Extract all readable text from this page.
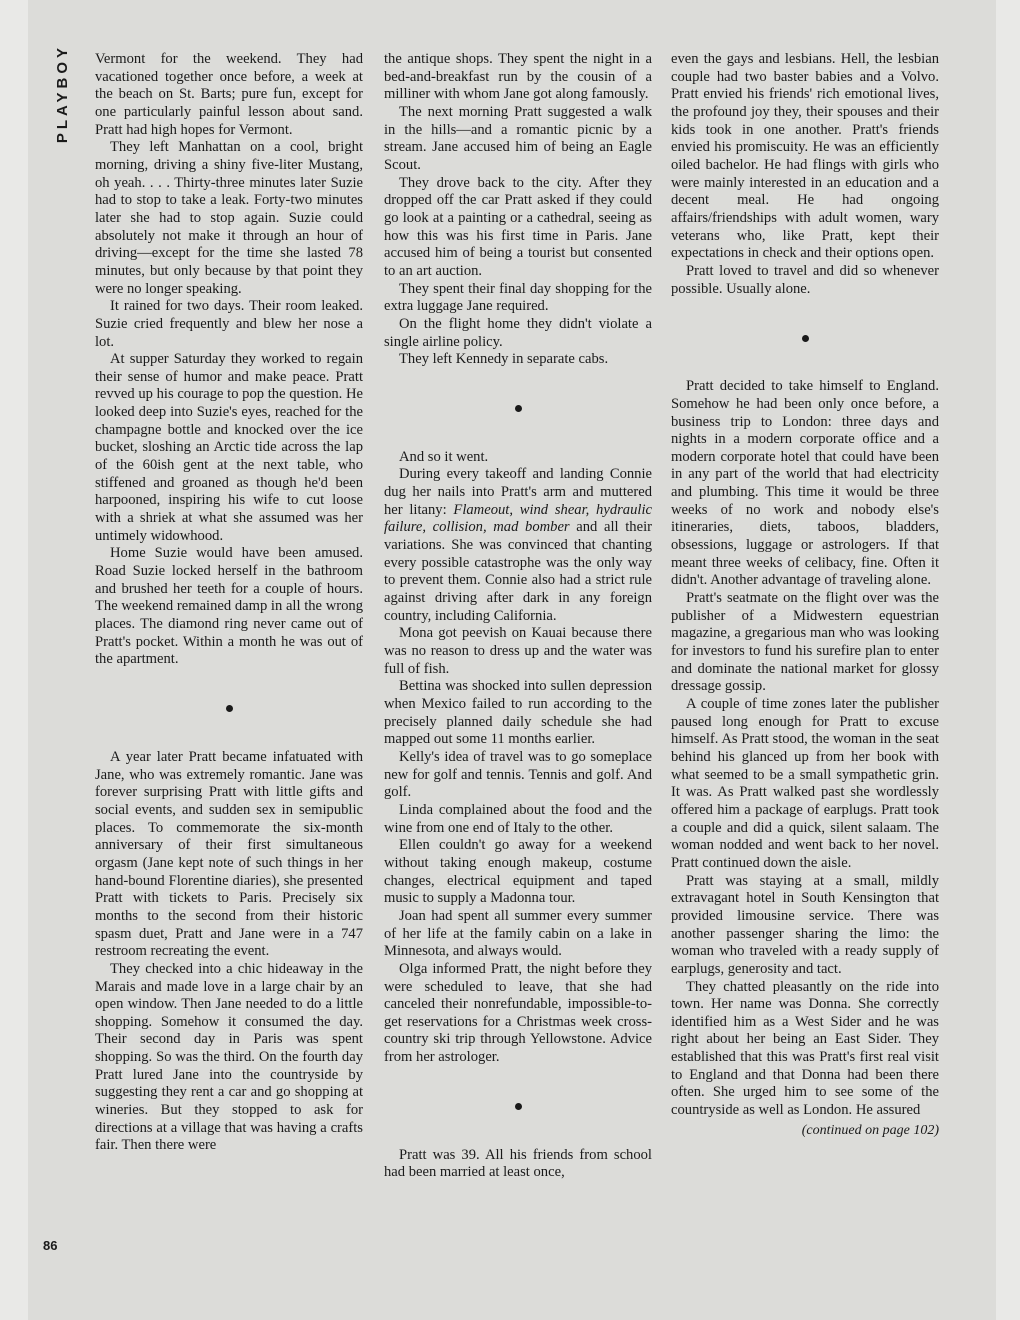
PLAYBOY
86

Vermont for the weekend. They had vacationed together once before, a week at the beach on St. Barts; pure fun, except for one particularly painful lesson about sand. Pratt had high hopes for Vermont.

They left Manhattan on a cool, bright morning, driving a shiny five-liter Mustang, oh yeah. . . . Thirty-three minutes later Suzie had to stop to take a leak. Forty-two minutes later she had to stop again. Suzie could absolutely not make it through an hour of driving—except for the time she lasted 78 minutes, but only because by that point they were no longer speaking.

It rained for two days. Their room leaked. Suzie cried frequently and blew her nose a lot.

At supper Saturday they worked to regain their sense of humor and make peace. Pratt revved up his courage to pop the question. He looked deep into Suzie's eyes, reached for the champagne bottle and knocked over the ice bucket, sloshing an Arctic tide across the lap of the 60ish gent at the next table, who stiffened and groaned as though he'd been harpooned, inspiring his wife to cut loose with a shriek at what she assumed was her untimely widowhood.

Home Suzie would have been amused. Road Suzie locked herself in the bathroom and brushed her teeth for a couple of hours. The weekend remained damp in all the wrong places. The diamond ring never came out of Pratt's pocket. Within a month he was out of the apartment.

A year later Pratt became infatuated with Jane, who was extremely romantic. Jane was forever surprising Pratt with little gifts and social events, and sudden sex in semipublic places. To commemorate the six-month anniversary of their first simultaneous orgasm (Jane kept note of such things in her hand-bound Florentine diaries), she presented Pratt with tickets to Paris. Precisely six months to the second from their historic spasm duet, Pratt and Jane were in a 747 restroom recreating the event.

They checked into a chic hideaway in the Marais and made love in a large chair by an open window. Then Jane needed to do a little shopping. Somehow it consumed the day. Their second day in Paris was spent shopping. So was the third. On the fourth day Pratt lured Jane into the countryside by suggesting they rent a car and go shopping at wineries. But they stopped to ask for directions at a village that was having a crafts fair. Then there were

the antique shops. They spent the night in a bed-and-breakfast run by the cousin of a milliner with whom Jane got along famously.

The next morning Pratt suggested a walk in the hills—and a romantic picnic by a stream. Jane accused him of being an Eagle Scout.

They drove back to the city. After they dropped off the car Pratt asked if they could go look at a painting or a cathedral, seeing as how this was his first time in Paris. Jane accused him of being a tourist but consented to an art auction.

They spent their final day shopping for the extra luggage Jane required.

On the flight home they didn't violate a single airline policy.

They left Kennedy in separate cabs.

And so it went.

During every takeoff and landing Connie dug her nails into Pratt's arm and muttered her litany: Flameout, wind shear, hydraulic failure, collision, mad bomber and all their variations. She was convinced that chanting every possible catastrophe was the only way to prevent them. Connie also had a strict rule against driving after dark in any foreign country, including California.

Mona got peevish on Kauai because there was no reason to dress up and the water was full of fish.

Bettina was shocked into sullen depression when Mexico failed to run according to the precisely planned daily schedule she had mapped out some 11 months earlier.

Kelly's idea of travel was to go someplace new for golf and tennis. Tennis and golf. And golf.

Linda complained about the food and the wine from one end of Italy to the other.

Ellen couldn't go away for a weekend without taking enough makeup, costume changes, electrical equipment and taped music to supply a Madonna tour.

Joan had spent all summer every summer of her life at the family cabin on a lake in Minnesota, and always would.

Olga informed Pratt, the night before they were scheduled to leave, that she had canceled their nonrefundable, impossible-to-get reservations for a Christmas week cross-country ski trip through Yellowstone. Advice from her astrologer.

Pratt was 39. All his friends from school had been married at least once,

even the gays and lesbians. Hell, the lesbian couple had two baster babies and a Volvo. Pratt envied his friends' rich emotional lives, the profound joy they, their spouses and their kids took in one another. Pratt's friends envied his promiscuity. He was an efficiently oiled bachelor. He had flings with girls who were mainly interested in an education and a decent meal. He had ongoing affairs/friendships with adult women, wary veterans who, like Pratt, kept their expectations in check and their options open.

Pratt loved to travel and did so whenever possible. Usually alone.

Pratt decided to take himself to England. Somehow he had been only once before, a business trip to London: three days and nights in a modern corporate office and a modern corporate hotel that could have been in any part of the world that had electricity and plumbing. This time it would be three weeks of no work and nobody else's itineraries, diets, taboos, bladders, obsessions, luggage or astrologers. If that meant three weeks of celibacy, fine. Often it didn't. Another advantage of traveling alone.

Pratt's seatmate on the flight over was the publisher of a Midwestern equestrian magazine, a gregarious man who was looking for investors to fund his surefire plan to enter and dominate the national market for glossy dressage gossip.

A couple of time zones later the publisher paused long enough for Pratt to excuse himself. As Pratt stood, the woman in the seat behind his glanced up from her book with what seemed to be a small sympathetic grin. It was. As Pratt walked past she wordlessly offered him a package of earplugs. Pratt took a couple and did a quick, silent salaam. The woman nodded and went back to her novel. Pratt continued down the aisle.

Pratt was staying at a small, mildly extravagant hotel in South Kensington that provided limousine service. There was another passenger sharing the limo: the woman who traveled with a ready supply of earplugs, generosity and tact.

They chatted pleasantly on the ride into town. Her name was Donna. She correctly identified him as a West Sider and he was right about her being an East Sider. They established that this was Pratt's first real visit to England and that Donna had been there often. She urged him to see some of the countryside as well as London. He assured

(continued on page 102)
